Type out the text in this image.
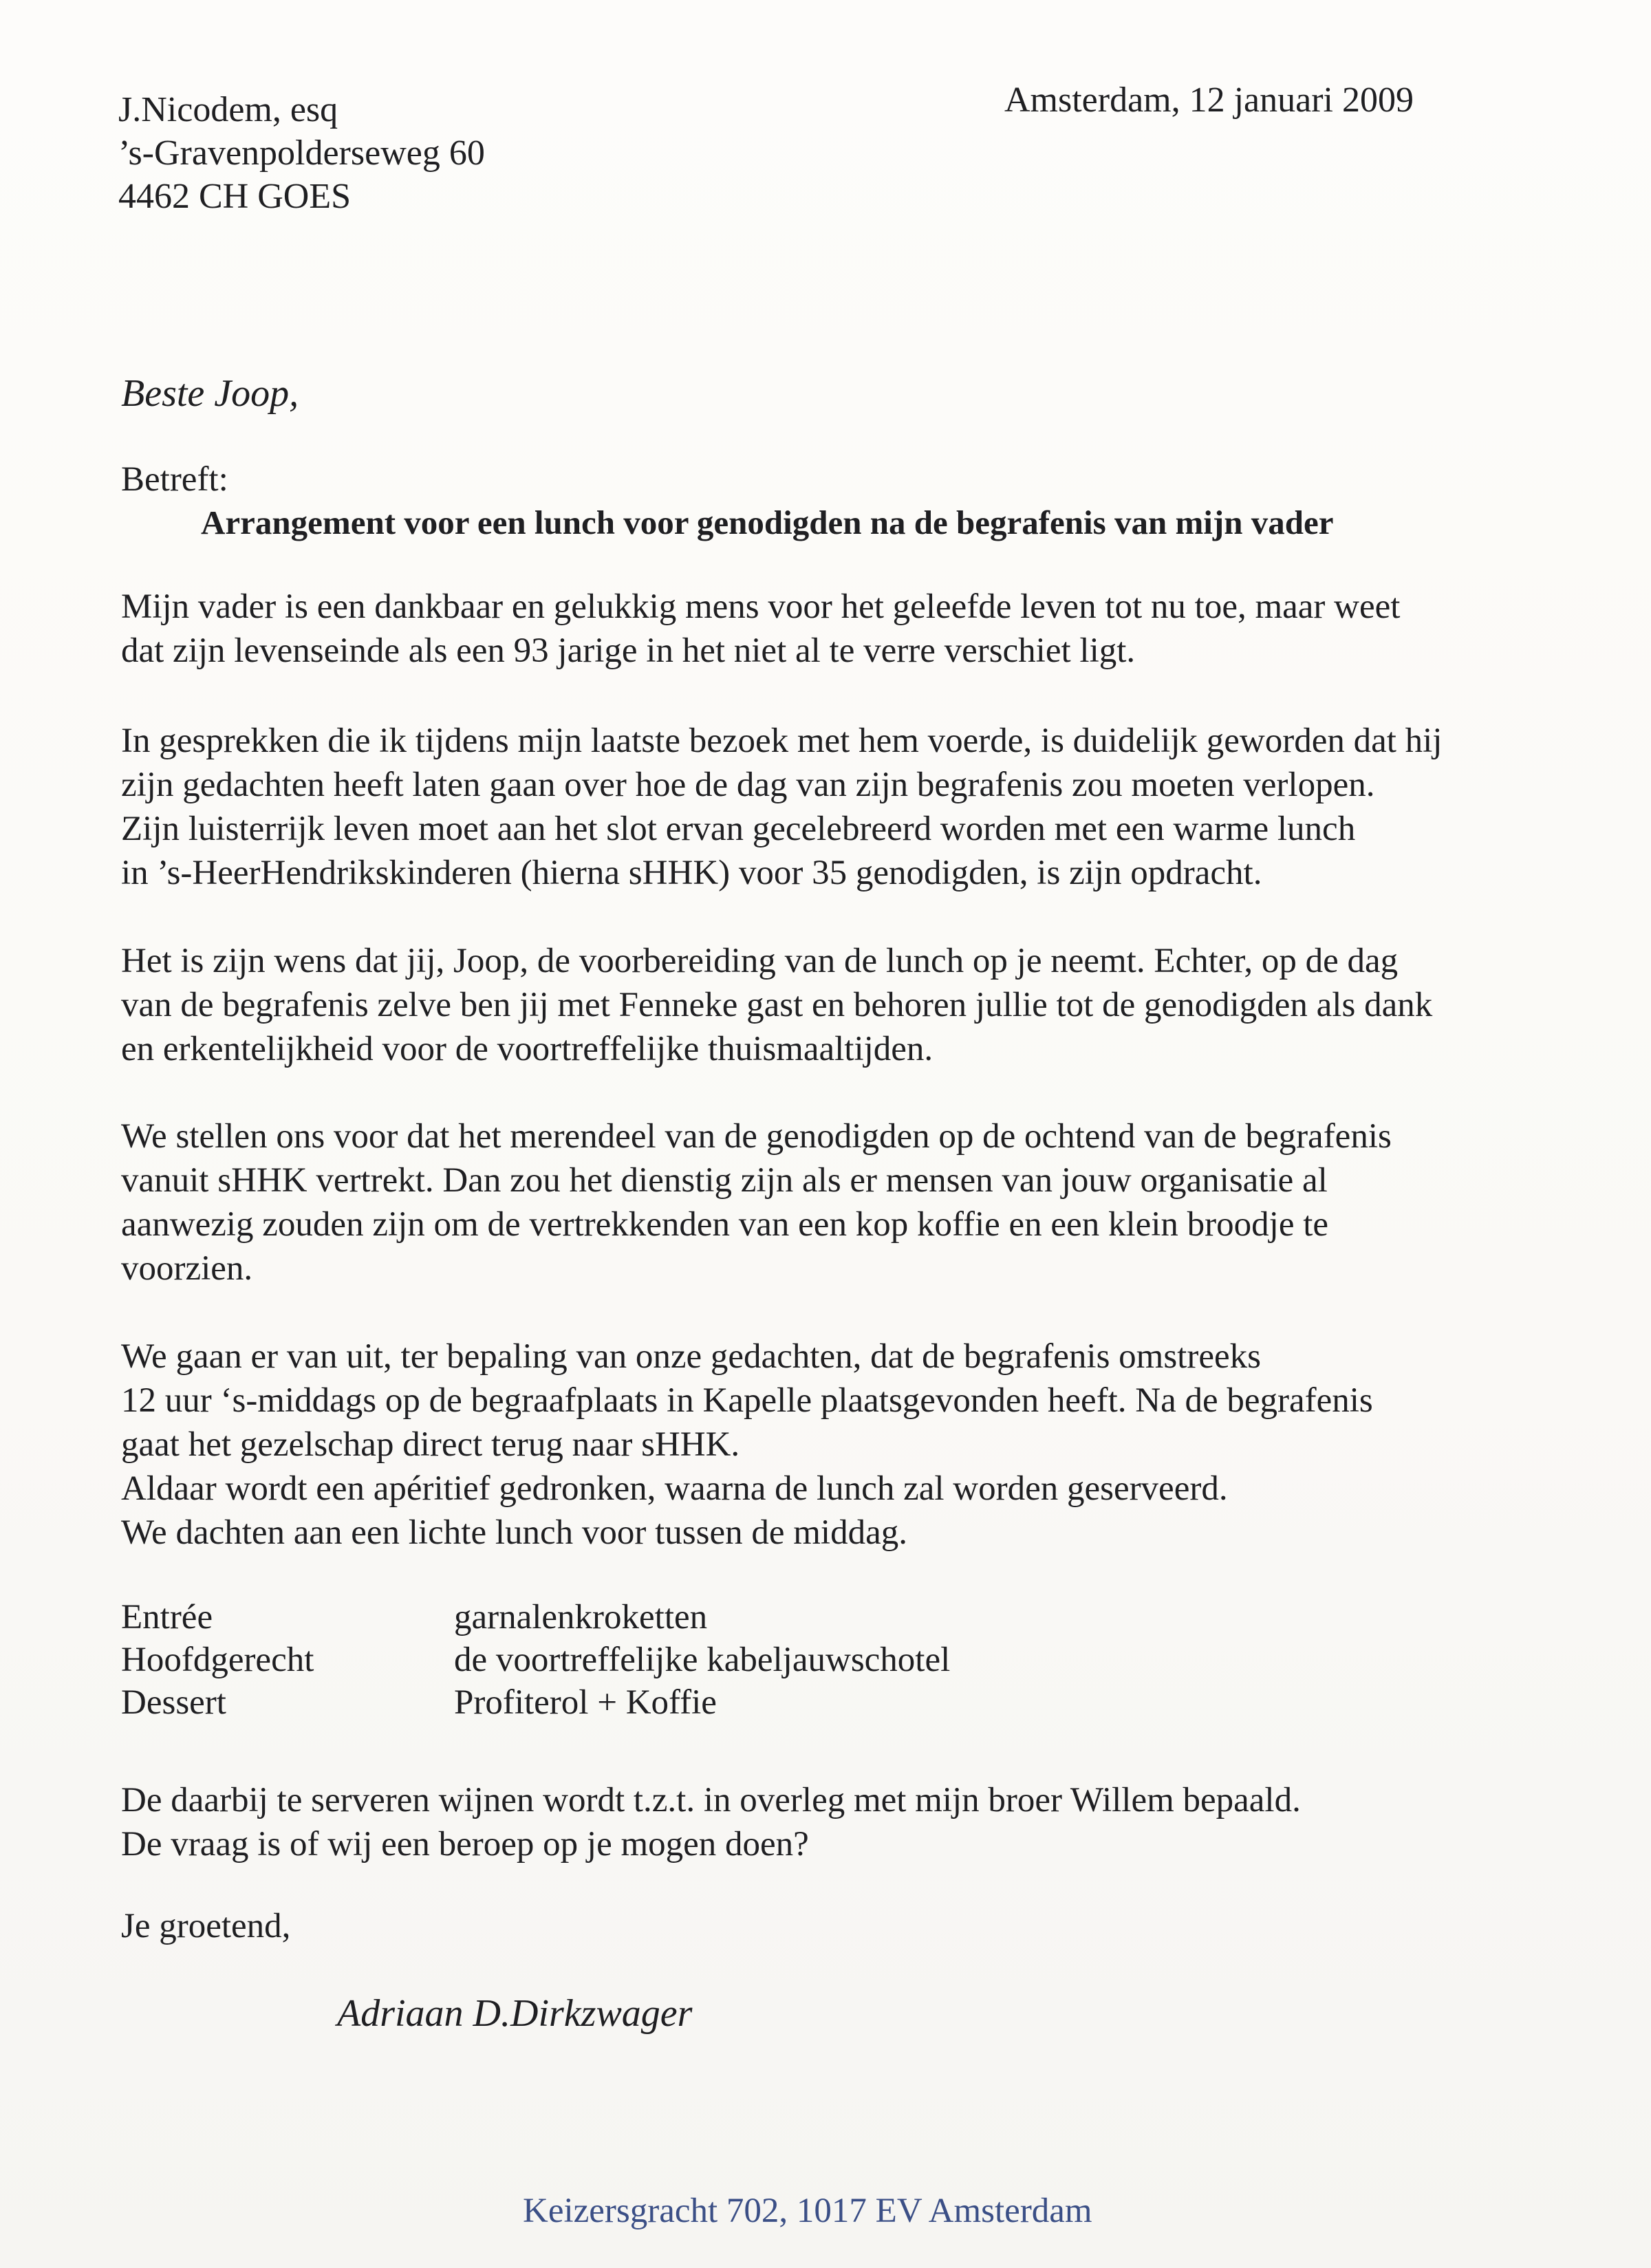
J.Nicodem, esq
’s-Gravenpolderseweg 60
4462 CH GOES
Amsterdam, 12 januari 2009
Beste Joop,
Betreft:
Arrangement voor een lunch voor genodigden na de begrafenis van mijn vader
Mijn vader is een dankbaar en gelukkig mens voor het geleefde leven tot nu toe, maar weet
dat zijn levenseinde als een 93 jarige in het niet al te verre verschiet ligt.
In gesprekken die ik tijdens mijn laatste bezoek met hem voerde, is duidelijk geworden dat hij
zijn gedachten heeft laten gaan over hoe de dag van zijn begrafenis zou moeten verlopen.
Zijn luisterrijk leven moet aan het slot ervan gecelebreerd worden met een warme lunch
in ’s-HeerHendrikskinderen (hierna sHHK) voor 35 genodigden, is zijn opdracht.
Het is zijn wens dat jij, Joop, de voorbereiding van de lunch op je neemt. Echter, op de dag
van de begrafenis zelve ben jij met Fenneke gast en behoren jullie tot de genodigden als dank
en erkentelijkheid voor de voortreffelijke thuismaaltijden.
We stellen ons voor dat het merendeel van de genodigden op de ochtend van de begrafenis
vanuit sHHK vertrekt. Dan zou het dienstig zijn als er mensen van jouw organisatie al
aanwezig zouden zijn om de vertrekkenden van een kop koffie en een klein broodje te
voorzien.
We gaan er van uit, ter bepaling van onze gedachten, dat de begrafenis omstreeks
12 uur ‘s-middags op de begraafplaats in Kapelle plaatsgevonden heeft. Na de begrafenis
gaat het gezelschap direct terug naar sHHK.
Aldaar wordt een apéritief gedronken, waarna de lunch zal worden geserveerd.
We dachten aan een lichte lunch voor tussen de middag.
Entrée	garnalenkroketten
Hoofdgerecht	de voortreffelijke kabeljauwschotel
Dessert	Profiterol + Koffie
De daarbij te serveren wijnen wordt t.z.t. in overleg met mijn broer Willem bepaald.
De vraag is of wij een beroep op je mogen doen?
Je groetend,
Adriaan D.Dirkzwager
Keizersgracht 702, 1017 EV Amsterdam
